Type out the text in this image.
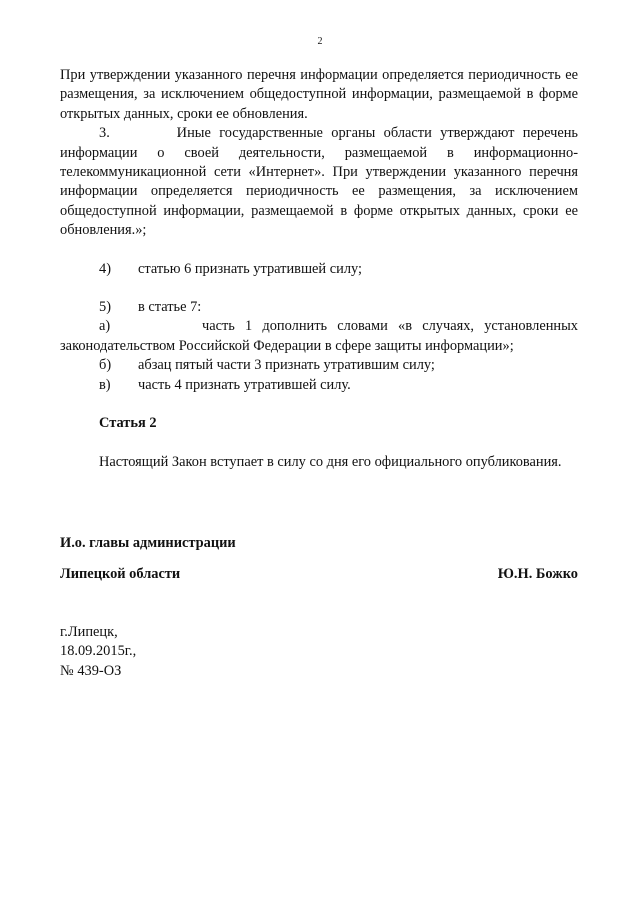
2

При утверждении указанного перечня информации определяется периодичность ее размещения, за исключением общедоступной информации, размещаемой в форме открытых данных, сроки ее обновления.

3.        Иные государственные органы области утверждают перечень информации о своей деятельности, размещаемой в информационно-телекоммуникационной сети «Интернет». При утверждении указанного перечня информации определяется периодичность ее размещения, за исключением общедоступной информации, размещаемой в форме открытых данных, сроки ее обновления.»;

4)	статью 6 признать утратившей силу;

5)	в статье 7:

а)         часть 1 дополнить словами «в случаях, установленных законодательством Российской Федерации в сфере защиты информации»;

б)	абзац пятый части 3 признать утратившим силу;

в)	часть 4 признать утратившей силу.

Статья 2

Настоящий Закон вступает в силу со дня его официального опубликования.

И.о. главы администрации

Липецкой области	Ю.Н. Божко

г.Липецк,

18.09.2015г.,

№ 439-ОЗ
